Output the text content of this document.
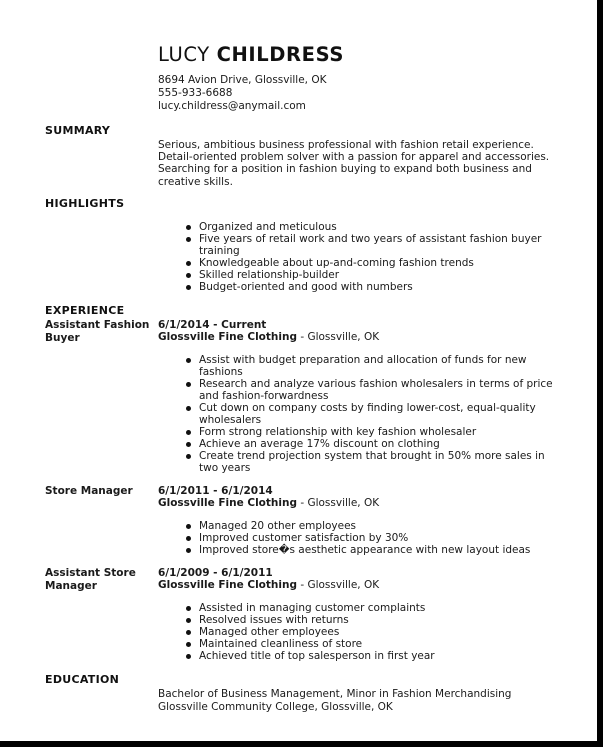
LUCY CHILDRESS
8694 Avion Drive, Glossville, OK
555-933-6688
lucy.childress@anymail.com
SUMMARY
Serious, ambitious business professional with fashion retail experience. Detail-oriented problem solver with a passion for apparel and accessories. Searching for a position in fashion buying to expand both business and creative skills.
HIGHLIGHTS
Organized and meticulous
Five years of retail work and two years of assistant fashion buyer training
Knowledgeable about up-and-coming fashion trends
Skilled relationship-builder
Budget-oriented and good with numbers
EXPERIENCE
Assistant Fashion Buyer
6/1/2014 - Current
Glossville Fine Clothing - Glossville, OK
Assist with budget preparation and allocation of funds for new fashions
Research and analyze various fashion wholesalers in terms of price and fashion-forwardness
Cut down on company costs by finding lower-cost, equal-quality wholesalers
Form strong relationship with key fashion wholesaler
Achieve an average 17% discount on clothing
Create trend projection system that brought in 50% more sales in two years
Store Manager	6/1/2011 - 6/1/2014
Glossville Fine Clothing - Glossville, OK
Managed 20 other employees
Improved customer satisfaction by 30%
Improved store�s aesthetic appearance with new layout ideas
Assistant Store Manager
6/1/2009 - 6/1/2011
Glossville Fine Clothing - Glossville, OK
Assisted in managing customer complaints
Resolved issues with returns
Managed other employees
Maintained cleanliness of store
Achieved title of top salesperson in first year
EDUCATION
Bachelor of Business Management, Minor in Fashion Merchandising
Glossville Community College, Glossville, OK
